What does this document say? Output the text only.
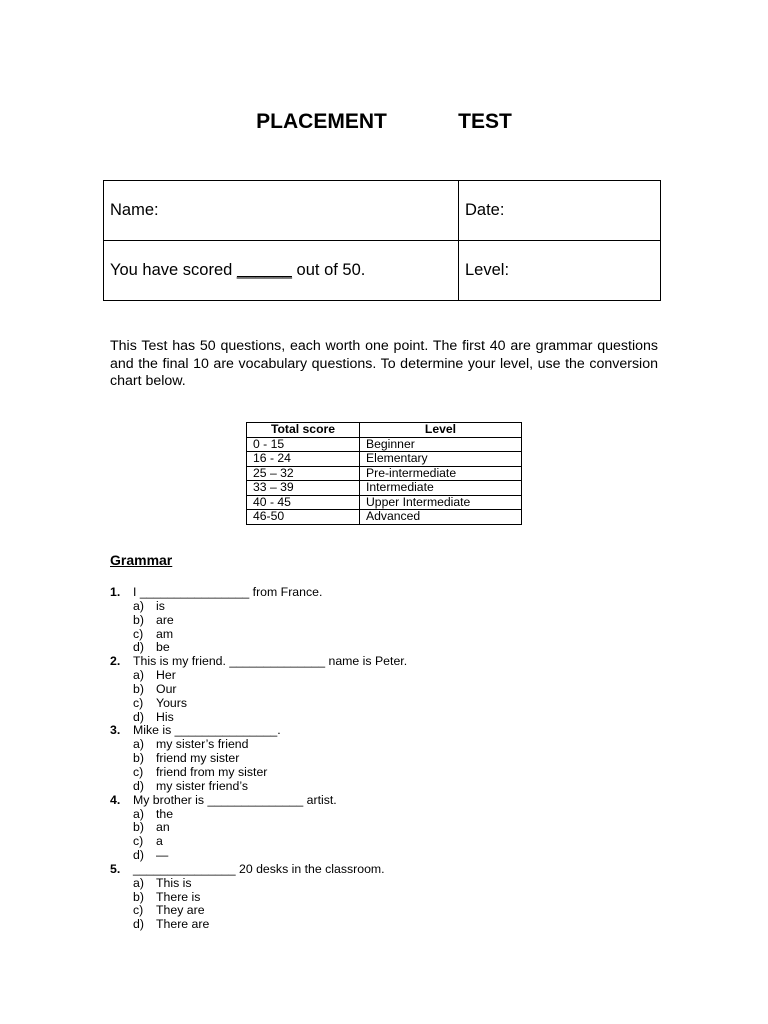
PLACEMENT    TEST
Name:	Date:
You have scored ______ out of 50.	Level:
This Test has 50 questions, each worth one point. The first 40 are grammar questions and the final 10 are vocabulary questions. To determine your level, use the conversion chart below.
Total score	Level
0 - 15	Beginner
16 - 24	Elementary
25 – 32	Pre-intermediate
33 – 39	Intermediate
40 - 45	Upper Intermediate
46-50	Advanced
Grammar
1. I ________________ from France.
a) is
b) are
c) am
d) be
2. This is my friend. ______________ name is Peter.
a) Her
b) Our
c) Yours
d) His
3. Mike is _______________.
a) my sister’s friend
b) friend my sister
c) friend from my sister
d) my sister friend’s
4. My brother is ______________ artist.
a) the
b) an
c) a
d) —
5. _______________ 20 desks in the classroom.
a) This is
b) There is
c) They are
d) There are
